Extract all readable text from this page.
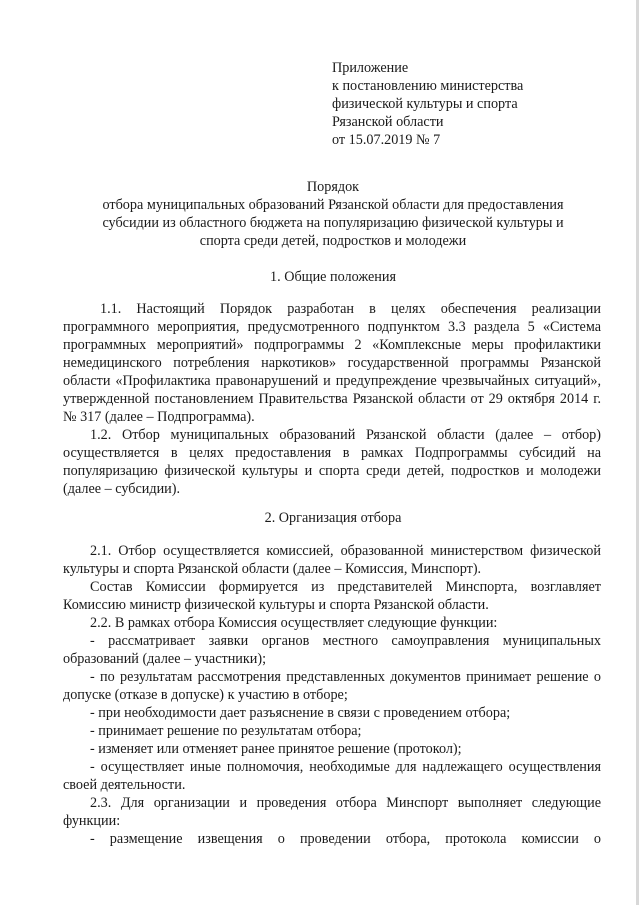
Приложение
к постановлению министерства
физической культуры и спорта
Рязанской области
от 15.07.2019 № 7
Порядок
отбора муниципальных образований Рязанской области для предоставления
субсидии из областного бюджета на популяризацию физической культуры и
спорта среди детей, подростков и молодежи
1. Общие положения

1.1. Настоящий Порядок разработан в целях обеспечения реализации программного мероприятия, предусмотренного подпунктом 3.3 раздела 5 «Система программных мероприятий» подпрограммы 2 «Комплексные меры профилактики немедицинского потребления наркотиков» государственной программы Рязанской области «Профилактика правонарушений и предупреждение чрезвычайных ситуаций», утвержденной постановлением Правительства Рязанской области от 29 октября 2014 г. № 317 (далее – Подпрограмма).

1.2. Отбор муниципальных образований Рязанской области (далее – отбор) осуществляется в целях предоставления в рамках Подпрограммы субсидий на популяризацию физической культуры и спорта среди детей, подростков и молодежи (далее – субсидии).

2. Организация отбора

2.1. Отбор осуществляется комиссией, образованной министерством физической культуры и спорта Рязанской области (далее – Комиссия, Минспорт).

Состав Комиссии формируется из представителей Минспорта, возглавляет Комиссию министр физической культуры и спорта Рязанской области.

2.2. В рамках отбора Комиссия осуществляет следующие функции:

- рассматривает заявки органов местного самоуправления муниципальных образований (далее – участники);

- по результатам рассмотрения представленных документов принимает решение о допуске (отказе в допуске) к участию в отборе;

- при необходимости дает разъяснение в связи с проведением отбора;

- принимает решение по результатам отбора;

- изменяет или отменяет ранее принятое решение (протокол);

- осуществляет иные полномочия, необходимые для надлежащего осуществления своей деятельности.

2.3. Для организации и проведения отбора Минспорт выполняет следующие функции:

- размещение извещения о проведении отбора, протокола комиссии о
